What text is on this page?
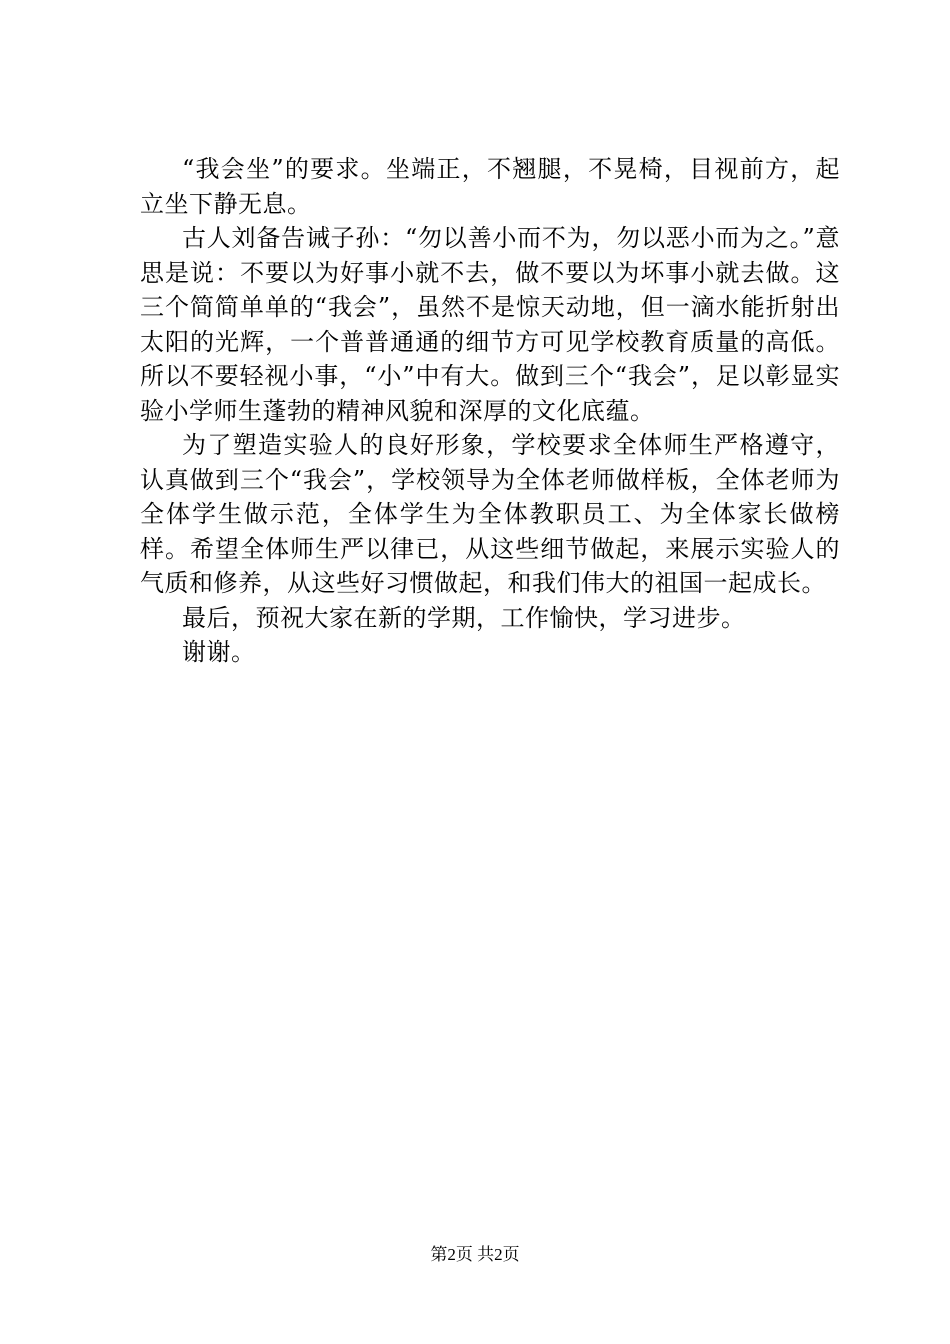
“我会坐”的要求。坐端正，不翘腿，不晃椅，目视前方，起立坐下静无息。

古人刘备告诫子孙：“勿以善小而不为，勿以恶小而为之。”意思是说：不要以为好事小就不去，做不要以为坏事小就去做。这三个简简单单的“我会”，虽然不是惊天动地，但一滴水能折射出太阳的光辉，一个普普通通的细节方可见学校教育质量的高低。所以不要轻视小事，“小”中有大。做到三个“我会”，足以彰显实验小学师生蓬勃的精神风貌和深厚的文化底蕴。

为了塑造实验人的良好形象，学校要求全体师生严格遵守，认真做到三个“我会”，学校领导为全体老师做样板，全体老师为全体学生做示范，全体学生为全体教职员工、为全体家长做榜样。希望全体师生严以律已，从这些细节做起，来展示实验人的气质和修养，从这些好习惯做起，和我们伟大的祖国一起成长。

最后，预祝大家在新的学期，工作愉快，学习进步。

谢谢。

第2页 共2页
